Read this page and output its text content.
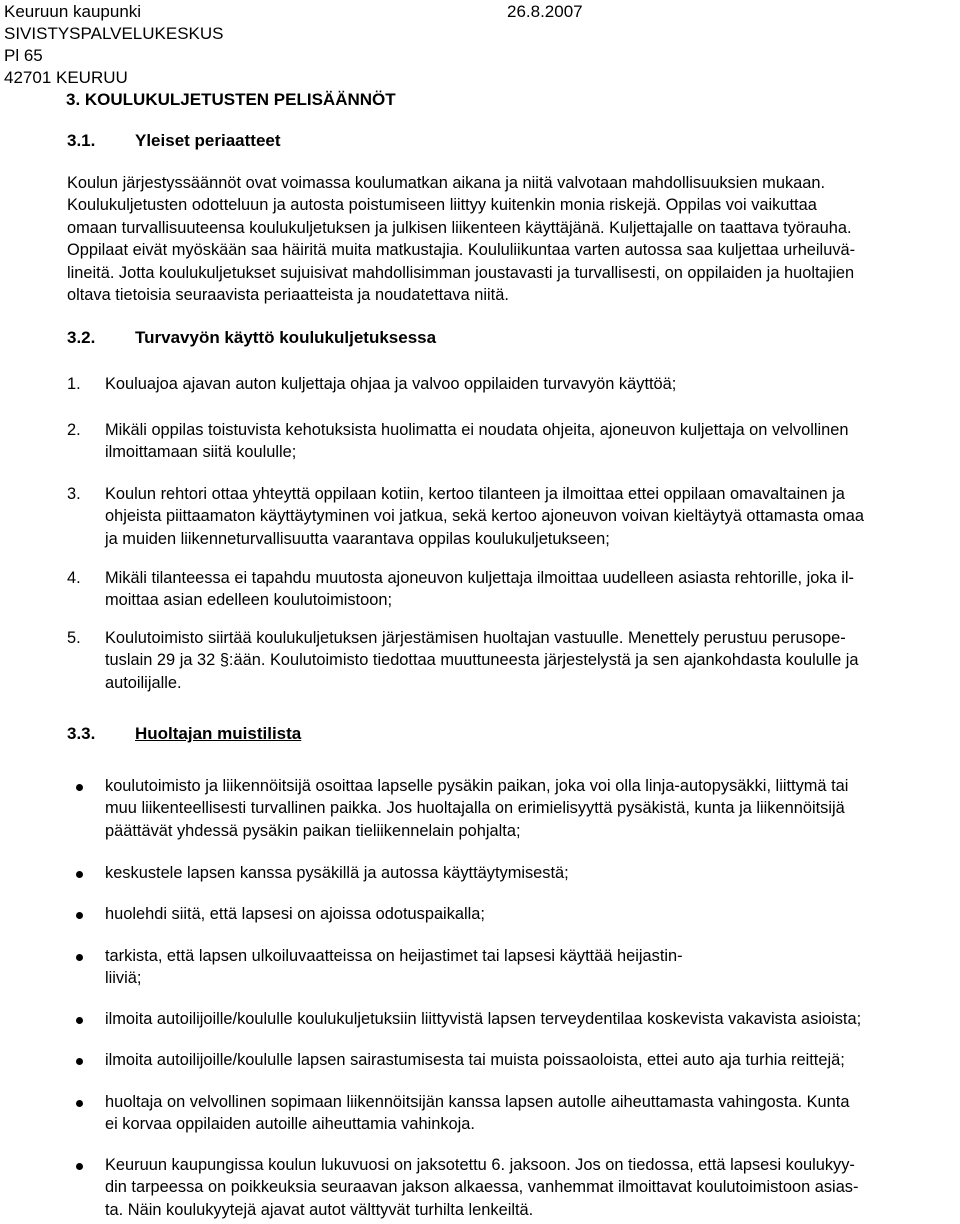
Keuruun kaupunki
SIVISTYSPALVELUKESKUS
Pl 65
42701 KEURUU
26.8.2007
3. KOULUKULJETUSTEN PELISÄÄNNÖT
3.1. Yleiset periaatteet
Koulun järjestyssäännöt ovat voimassa koulumatkan aikana ja niitä valvotaan mahdollisuuksien mukaan.
Koulukuljetusten odotteluun ja autosta poistumiseen liittyy kuitenkin monia riskejä. Oppilas voi vaikuttaa
omaan turvallisuuteensa koulukuljetuksen ja julkisen liikenteen käyttäjänä. Kuljettajalle on taattava työrauha.
Oppilaat eivät myöskään saa häiritä muita matkustajia. Koululiikuntaa varten autossa saa kuljettaa urheiluvä-
lineitä. Jotta koulukuljetukset sujuisivat mahdollisimman joustavasti ja turvallisesti, on oppilaiden ja huoltajien
oltava tietoisia seuraavista periaatteista ja noudatettava niitä.
3.2. Turvavyön käyttö koulukuljetuksessa
1. Kouluajoa ajavan auton kuljettaja ohjaa ja valvoo oppilaiden turvavyön käyttöä;
2. Mikäli oppilas toistuvista kehotuksista huolimatta ei noudata ohjeita, ajoneuvon kuljettaja on velvollinen
ilmoittamaan siitä koululle;
3. Koulun rehtori ottaa yhteyttä oppilaan kotiin, kertoo tilanteen ja ilmoittaa ettei oppilaan omavaltainen ja
ohjeista piittaamaton käyttäytyminen voi jatkua, sekä kertoo ajoneuvon voivan kieltäytyä ottamasta omaa
ja muiden liikenneturvallisuutta vaarantava oppilas koulukuljetukseen;
4. Mikäli tilanteessa ei tapahdu muutosta ajoneuvon kuljettaja ilmoittaa uudelleen asiasta rehtorille, joka il-
moittaa asian edelleen koulutoimistoon;
5. Koulutoimisto siirtää koulukuljetuksen järjestämisen huoltajan vastuulle. Menettely perustuu perusope-
tuslain 29 ja 32 §:ään. Koulutoimisto tiedottaa muuttuneesta järjestelystä ja sen ajankohdasta koululle ja
autoilijalle.
3.3. Huoltajan muistilista
koulutoimisto ja liikennöitsijä osoittaa lapselle pysäkin paikan, joka voi olla linja-autopysäkki, liittymä tai
muu liikenteellisesti turvallinen paikka. Jos huoltajalla on erimielisyyttä pysäkistä, kunta ja liikennöitsijä
päättävät yhdessä pysäkin paikan tieliikennelain pohjalta;
keskustele lapsen kanssa pysäkillä ja autossa käyttäytymisestä;
huolehdi siitä, että lapsesi on ajoissa odotuspaikalla;
tarkista, että lapsen ulkoiluvaatteissa on heijastimet tai lapsesi käyttää heijastin-
liiviä;
ilmoita autoilijoille/koululle koulukuljetuksiin liittyvistä lapsen terveydentilaa koskevista vakavista asioista;
ilmoita autoilijoille/koululle lapsen sairastumisesta tai muista poissaoloista, ettei auto aja turhia reittejä;
huoltaja on velvollinen sopimaan liikennöitsijän kanssa lapsen autolle aiheuttamasta vahingosta. Kunta
ei korvaa oppilaiden autoille aiheuttamia vahinkoja.
Keuruun kaupungissa koulun lukuvuosi on jaksotettu 6. jaksoon. Jos on tiedossa, että lapsesi koulukyy-
din tarpeessa on poikkeuksia seuraavan jakson alkaessa, vanhemmat ilmoittavat koulutoimistoon asias-
ta. Näin koulukyytejä ajavat autot välttyvät turhilta lenkeiltä.
